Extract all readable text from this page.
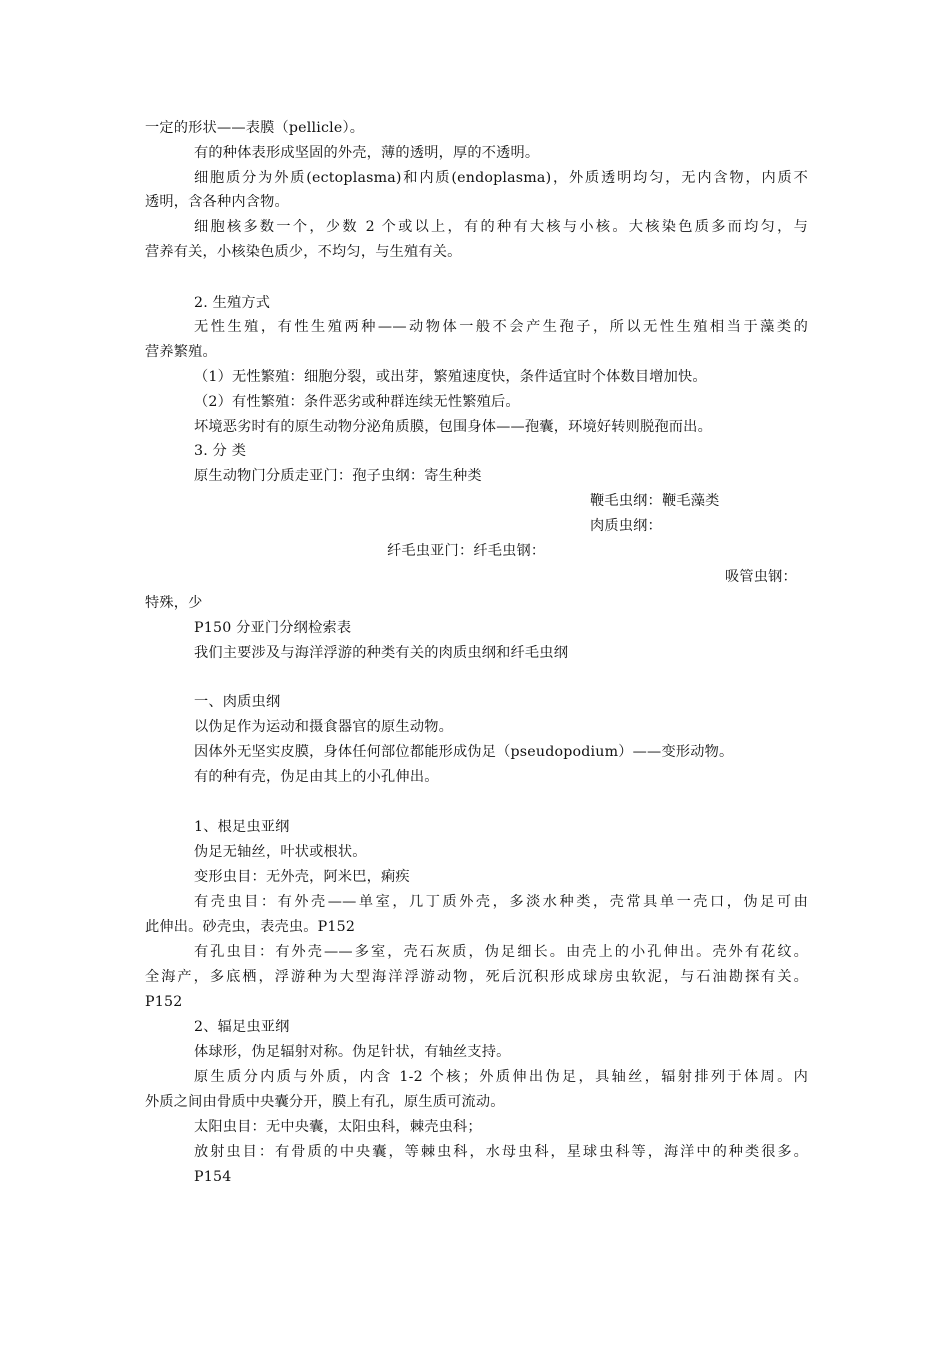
一定的形状——表膜（pellicle）。
有的种体表形成坚固的外壳，薄的透明，厚的不透明。
细胞质分为外质(ectoplasma)和内质(endoplasma)，外质透明均匀，无内含物，内质不
透明，含各种内含物。
细胞核多数一个，少数 2 个或以上，有的种有大核与小核。大核染色质多而均匀，与
营养有关，小核染色质少，不均匀，与生殖有关。
2. 生殖方式
无性生殖，有性生殖两种——动物体一般不会产生孢子，所以无性生殖相当于藻类的
营养繁殖。
（1）无性繁殖：细胞分裂，或出芽，繁殖速度快，条件适宜时个体数目增加快。
（2）有性繁殖：条件恶劣或种群连续无性繁殖后。
坏境恶劣时有的原生动物分泌角质膜，包围身体——孢囊，环境好转则脱孢而出。
3. 分 类
原生动物门分质走亚门：孢子虫纲：寄生种类
鞭毛虫纲：鞭毛藻类
肉质虫纲：
纤毛虫亚门：纤毛虫钢：
吸管虫钢：
特殊，少
P150 分亚门分纲检索表
我们主要涉及与海洋浮游的种类有关的肉质虫纲和纤毛虫纲
一、肉质虫纲
以伪足作为运动和摄食器官的原生动物。
因体外无坚实皮膜，身体任何部位都能形成伪足（pseudopodium）——变形动物。
有的种有壳，伪足由其上的小孔伸出。
1、根足虫亚纲
伪足无轴丝，叶状或根状。
变形虫目：无外壳，阿米巴，痢疾
有壳虫目：有外壳——单室，几丁质外壳，多淡水种类，壳常具单一壳口，伪足可由
此伸出。砂壳虫，表壳虫。P152
有孔虫目：有外壳——多室，壳石灰质，伪足细长。由壳上的小孔伸出。壳外有花纹。
全海产，多底栖，浮游种为大型海洋浮游动物，死后沉积形成球房虫软泥，与石油勘探有关。
P152
2、辐足虫亚纲
体球形，伪足辐射对称。伪足针状，有轴丝支持。
原生质分内质与外质，内含 1-2 个核；外质伸出伪足，具轴丝，辐射排列于体周。内
外质之间由骨质中央囊分开，膜上有孔，原生质可流动。
太阳虫目：无中央囊，太阳虫科，棘壳虫科；
放射虫目：有骨质的中央囊，等棘虫科，水母虫科，星球虫科等，海洋中的种类很多。
P154
